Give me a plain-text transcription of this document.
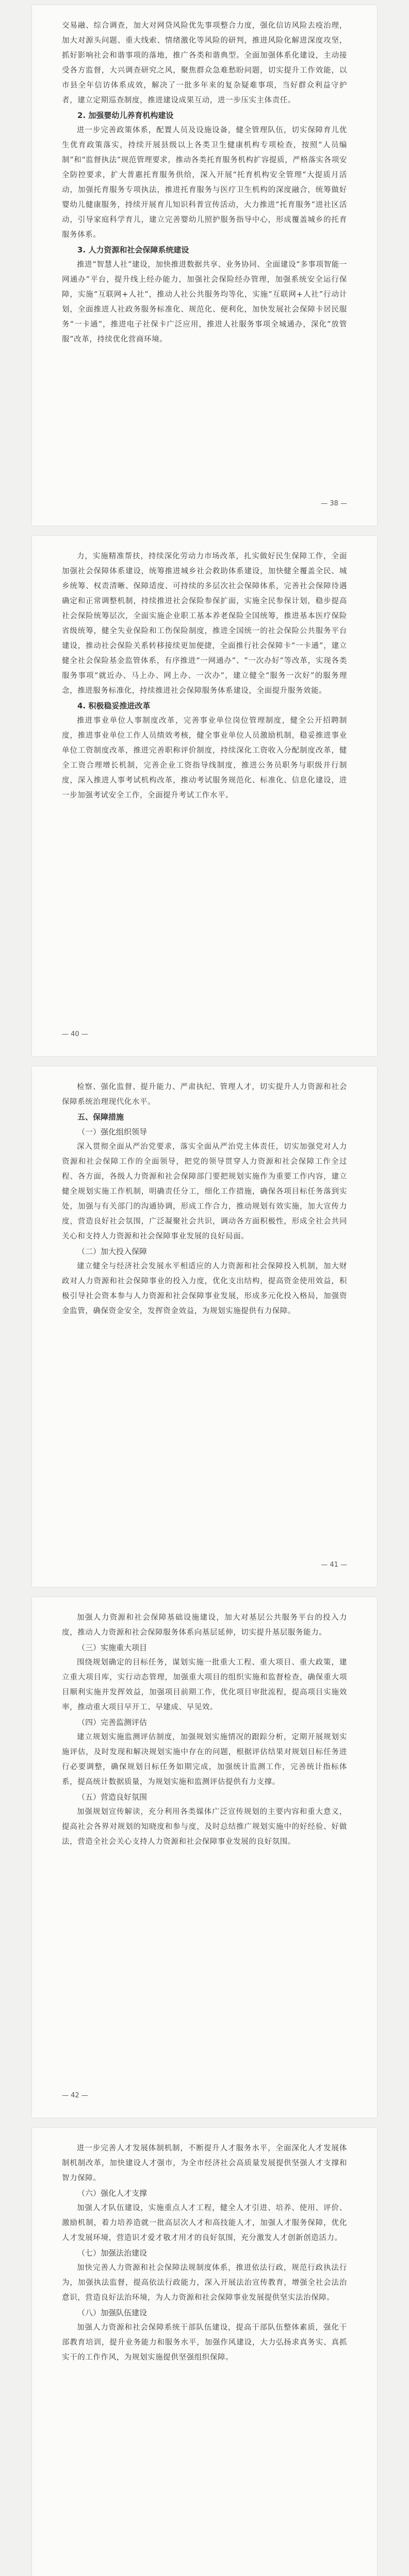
交易融、综合调查，加大对网贷风险优先事项整合力度，强化信访风险去疫治理，加大对源头问题、重大线索、情绪激化等风险的研判，推进风险化解进深度攻坚，抓好影响社会和谐事项的落地，推广各类和谐典型。全面加强体系化建设，主动接受各方监督，大兴调查研究之风，聚焦群众急难愁盼问题，切实提升工作效能，以市县全年信访体系成效，解决了一批多年来的复杂疑难事项，当好群众利益守护者，建立定期巡查制度，推进建设成果互动，进一步压实主体责任。

2. 加强婴幼儿养育机构建设

进一步完善政策体系，配置人员及设施设备，健全管理队伍，切实保障育儿优生优育政策落实，持续开展县级以上各类卫生健康机构专项检查，按照“人员编制”和“监督执法”规范管理要求，推动各类托育服务机构扩容提质，严格落实各项安全防控要求，扩大普惠托育服务供给，深入开展“托育机构安全管理”大提质月活动，加强托育服务专项执法，推进托育服务与医疗卫生机构的深度融合，统筹做好婴幼儿健康服务，持续开展育儿知识科普宣传活动，大力推进“托育服务”进社区活动，引导家庭科学育儿，建立完善婴幼儿照护服务指导中心，形成覆盖城乡的托育服务体系。

3. 人力资源和社会保障系统建设

推进“智慧人社”建设，加快推进数据共享、业务协同、全面建设“多事项智能一网通办”平台，提升线上经办能力，加强社会保险经办管理，加强系统安全运行保障，实施“互联网+人社”，推动人社公共服务均等化，实施“互联网+人社”行动计划，全面推进人社政务服务标准化、规范化、便利化，加快发展社会保障卡居民服务“一卡通”，推进电子社保卡广泛应用，推进人社服务事项全城通办，深化“放管服”改革，持续优化营商环境。

— 38 —

力，实施精准帮扶，持续深化劳动力市场改革，扎实做好民生保障工作，全面加强社会保障体系建设，统筹推进城乡社会救助体系建设，加快健全覆盖全民、城乡统筹、权责清晰、保障适度、可持续的多层次社会保障体系，完善社会保障待遇确定和正常调整机制，持续推进社会保险参保扩面，实施全民参保计划，稳步提高社会保险统筹层次，全面实施企业职工基本养老保险全国统筹，推进基本医疗保险省级统筹，健全失业保险和工伤保险制度，推进全国统一的社会保险公共服务平台建设，推动社会保险关系转移接续更加便捷，全面推行社会保障卡“一卡通”，建立健全社会保险基金监管体系，有序推进“一网通办”、“一次办好”等改革，实现各类服务事项“就近办、马上办、网上办、一次办”，建立健全“服务一次好”的服务理念，推进服务标准化，持续推进社会保障服务体系建设，全面提升服务效能。

4. 积极稳妥推进改革

推进事业单位人事制度改革，完善事业单位岗位管理制度，健全公开招聘制度，推进事业单位工作人员绩效考核，健全事业单位人员激励机制，稳妥推进事业单位工资制度改革，推进完善职称评价制度，持续深化工资收入分配制度改革，健全工资合理增长机制，完善企业工资指导线制度，推进公务员职务与职级并行制度，深入推进人事考试机构改革，推动考试服务规范化、标准化、信息化建设，进一步加强考试安全工作，全面提升考试工作水平。

— 40 —

检察、强化监督、提升能力、严肃执纪、管理人才，切实提升人力资源和社会保障系统治理现代化水平。

五、保障措施

（一）强化组织领导

深入贯彻全面从严治党要求，落实全面从严治党主体责任，切实加强党对人力资源和社会保障工作的全面领导，把党的领导贯穿人力资源和社会保障工作全过程、各方面，各级人力资源和社会保障部门要把规划实施作为重要工作内容，建立健全规划实施工作机制，明确责任分工，细化工作措施，确保各项目标任务落到实处，加强与有关部门的沟通协调，形成工作合力，推动规划有效实施，加大宣传力度，营造良好社会氛围，广泛凝聚社会共识，调动各方面积极性，形成全社会共同关心和支持人力资源和社会保障事业发展的良好局面。

（二）加大投入保障

建立健全与经济社会发展水平相适应的人力资源和社会保障投入机制，加大财政对人力资源和社会保障事业的投入力度，优化支出结构，提高资金使用效益，积极引导社会资本参与人力资源和社会保障事业发展，形成多元化投入格局，加强资金监管，确保资金安全，发挥资金效益，为规划实施提供有力保障。

— 41 —

加强人力资源和社会保障基础设施建设，加大对基层公共服务平台的投入力度，推动人力资源和社会保障服务体系向基层延伸，切实提升基层服务能力。

（三）实施重大项目

围绕规划确定的目标任务，谋划实施一批重大工程、重大项目、重大政策，建立重大项目库，实行动态管理，加强重大项目的组织实施和监督检查，确保重大项目顺利实施并发挥效益，加强项目前期工作，优化项目审批流程，提高项目实施效率，推动重大项目早开工、早建成、早见效。

（四）完善监测评估

建立规划实施监测评估制度，加强规划实施情况的跟踪分析，定期开展规划实施评估，及时发现和解决规划实施中存在的问题，根据评估结果对规划目标任务进行必要调整，确保规划目标任务如期完成，加强统计监测工作，完善统计指标体系，提高统计数据质量，为规划实施和监测评估提供有力支撑。

（五）营造良好氛围

加强规划宣传解读，充分利用各类媒体广泛宣传规划的主要内容和重大意义，提高社会各界对规划的知晓度和参与度，及时总结推广规划实施中的好经验、好做法，营造全社会关心支持人力资源和社会保障事业发展的良好氛围。

— 42 —

进一步完善人才发展体制机制，不断提升人才服务水平，全面深化人才发展体制机制改革，加快建设人才强市，为全市经济社会高质量发展提供坚强人才支撑和智力保障。

（六）强化人才支撑

加强人才队伍建设，实施重点人才工程，健全人才引进、培养、使用、评价、激励机制，着力培养造就一批高层次人才和高技能人才，加强人才服务保障，优化人才发展环境，营造识才爱才敬才用才的良好氛围，充分激发人才创新创造活力。

（七）加强法治建设

加快完善人力资源和社会保障法规制度体系，推进依法行政，规范行政执法行为，加强执法监督，提高依法行政能力，深入开展法治宣传教育，增强全社会法治意识，营造良好法治环境，为人力资源和社会保障事业发展提供坚实法治保障。

（八）加强队伍建设

加强人力资源和社会保障系统干部队伍建设，提高干部队伍整体素质，强化干部教育培训，提升业务能力和服务水平，加强作风建设，大力弘扬求真务实、真抓实干的工作作风，为规划实施提供坚强组织保障。
